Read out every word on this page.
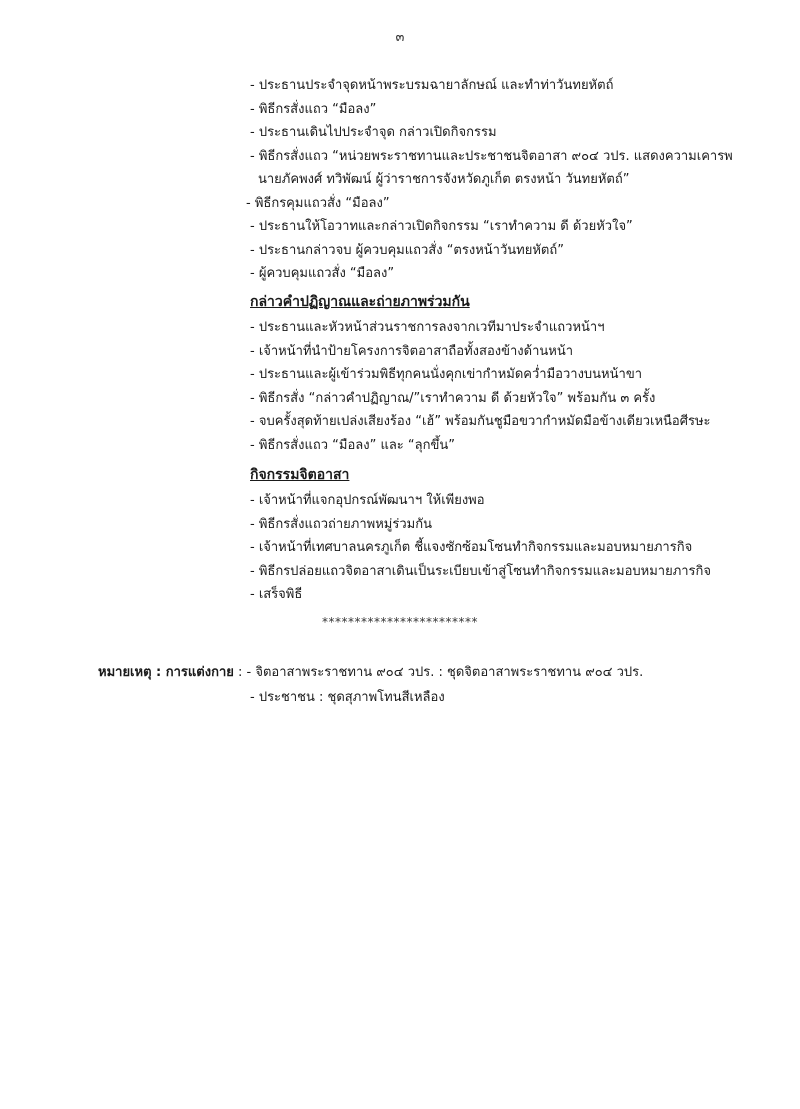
๓
- ประธานประจำจุดหน้าพระบรมฉายาลักษณ์ และทำท่าวันทยหัตถ์
- พิธีกรสั่งแถว “มือลง”
- ประธานเดินไปประจำจุด กล่าวเปิดกิจกรรม
- พิธีกรสั่งแถว “หน่วยพระราชทานและประชาชนจิตอาสา ๙๐๔ วปร. แสดงความเคารพ
นายภัคพงศ์ ทวิพัฒน์ ผู้ว่าราชการจังหวัดภูเก็ต ตรงหน้า วันทยหัตถ์”
- พิธีกรคุมแถวสั่ง “มือลง”
- ประธานให้โอวาทและกล่าวเปิดกิจกรรม “เราทำความ ดี ด้วยหัวใจ”
- ประธานกล่าวจบ ผู้ควบคุมแถวสั่ง “ตรงหน้าวันทยหัตถ์”
- ผู้ควบคุมแถวสั่ง “มือลง”
กล่าวคำปฏิญาณและถ่ายภาพร่วมกัน
- ประธานและหัวหน้าส่วนราชการลงจากเวทีมาประจำแถวหน้าฯ
- เจ้าหน้าที่นำป้ายโครงการจิตอาสาถือทั้งสองข้างด้านหน้า
- ประธานและผู้เข้าร่วมพิธีทุกคนนั่งคุกเข่ากำหมัดคว่ำมือวางบนหน้าขา
- พิธีกรสั่ง “กล่าวคำปฏิญาณ/”เราทำความ ดี ด้วยหัวใจ” พร้อมกัน ๓ ครั้ง
- จบครั้งสุดท้ายเปล่งเสียงร้อง “เฮ้” พร้อมกันชูมือขวากำหมัดมือข้างเดียวเหนือศีรษะ
- พิธีกรสั่งแถว “มือลง” และ “ลุกขึ้น”
กิจกรรมจิตอาสา
- เจ้าหน้าที่แจกอุปกรณ์พัฒนาฯ ให้เพียงพอ
- พิธีกรสั่งแถวถ่ายภาพหมู่ร่วมกัน
- เจ้าหน้าที่เทศบาลนครภูเก็ต ชี้แจงซักซ้อมโซนทำกิจกรรมและมอบหมายภารกิจ
- พิธีกรปล่อยแถวจิตอาสาเดินเป็นระเบียบเข้าสู่โซนทำกิจกรรมและมอบหมายภารกิจ
- เสร็จพิธี
************************
หมายเหตุ : การแต่งกาย : - จิตอาสาพระราชทาน ๙๐๔ วปร. : ชุดจิตอาสาพระราชทาน ๙๐๔ วปร.
- ประชาชน : ชุดสุภาพโทนสีเหลือง
